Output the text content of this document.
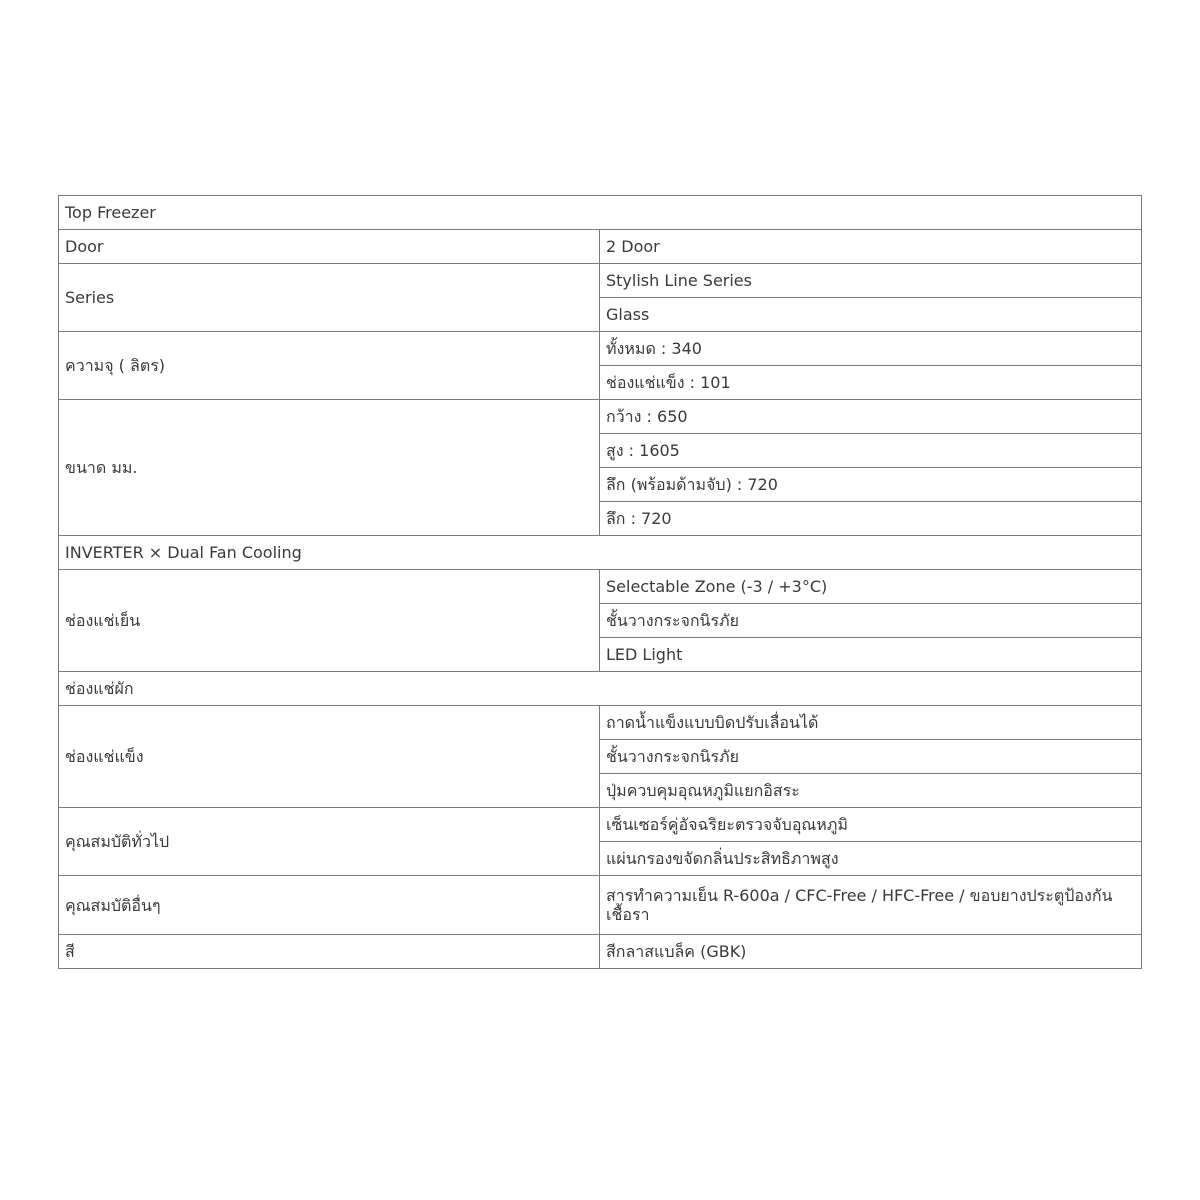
Top Freezer	
Door	2 Door
Series	Stylish Line Series
	Glass
ความจุ ( ลิตร)	ทั้งหมด : 340
	ช่องแช่แข็ง : 101
ขนาด มม.	กว้าง : 650
	สูง : 1605
	ลึก (พร้อมด้ามจับ) : 720
	ลึก : 720
INVERTER × Dual Fan Cooling	
ช่องแช่เย็น	Selectable Zone (-3 / +3°C)
	ชั้นวางกระจกนิรภัย
	LED Light
ช่องแช่ผัก	
ช่องแช่แข็ง	ถาดน้ำแข็งแบบบิดปรับเลื่อนได้
	ชั้นวางกระจกนิรภัย
	ปุ่มควบคุมอุณหภูมิแยกอิสระ
คุณสมบัติทั่วไป	เซ็นเซอร์คู่อัจฉริยะตรวจจับอุณหภูมิ
	แผ่นกรองขจัดกลิ่นประสิทธิภาพสูง
คุณสมบัติอื่นๆ	สารทำความเย็น R-600a / CFC-Free / HFC-Free / ขอบยางประตูป้องกันเชื้อรา
สี	สีกลาสแบล็ค (GBK)
